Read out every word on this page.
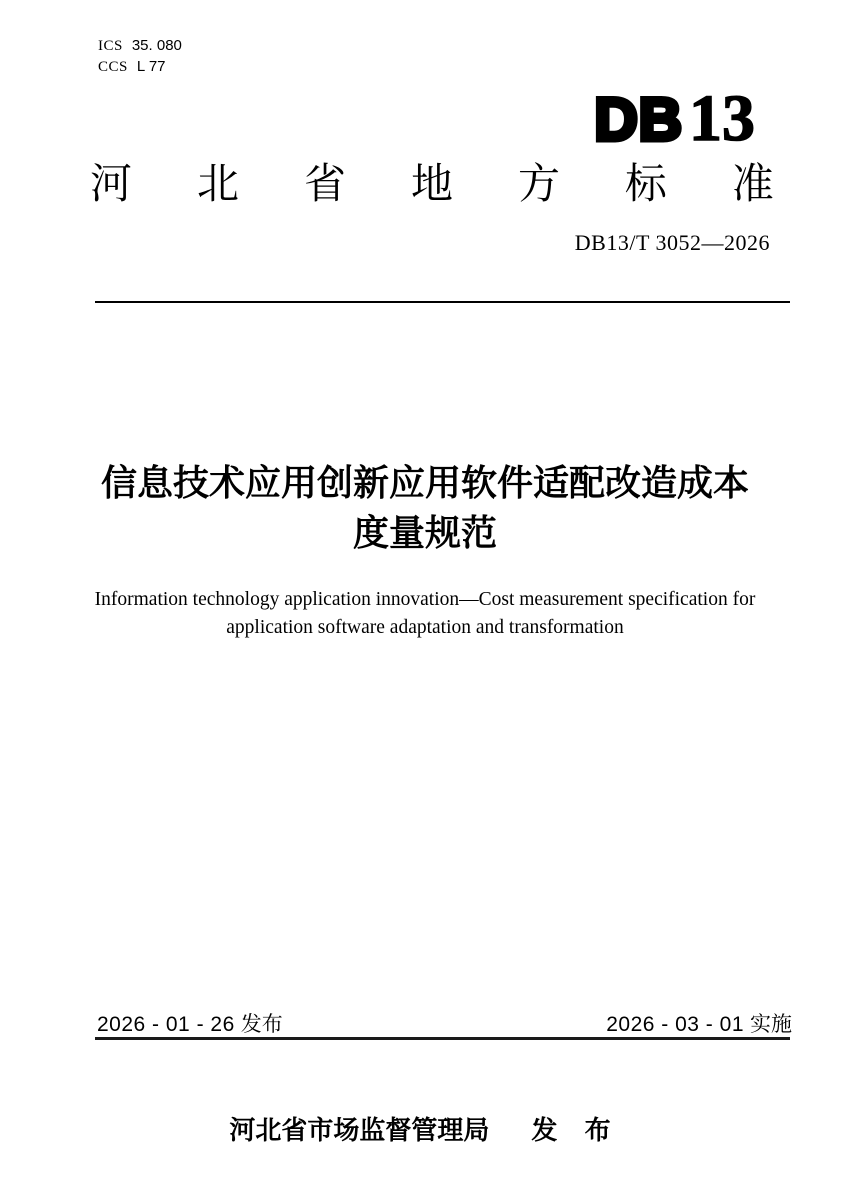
ICS 35. 080
CCS L 77
DB13
河 北 省 地 方 标 准
DB13/T 3052—2026
信息技术应用创新应用软件适配改造成本
度量规范
Information technology application innovation—Cost measurement specification for
application software adaptation and transformation
2026 - 01 - 26 发布	2026 - 03 - 01 实施
河北省市场监督管理局 发 布
